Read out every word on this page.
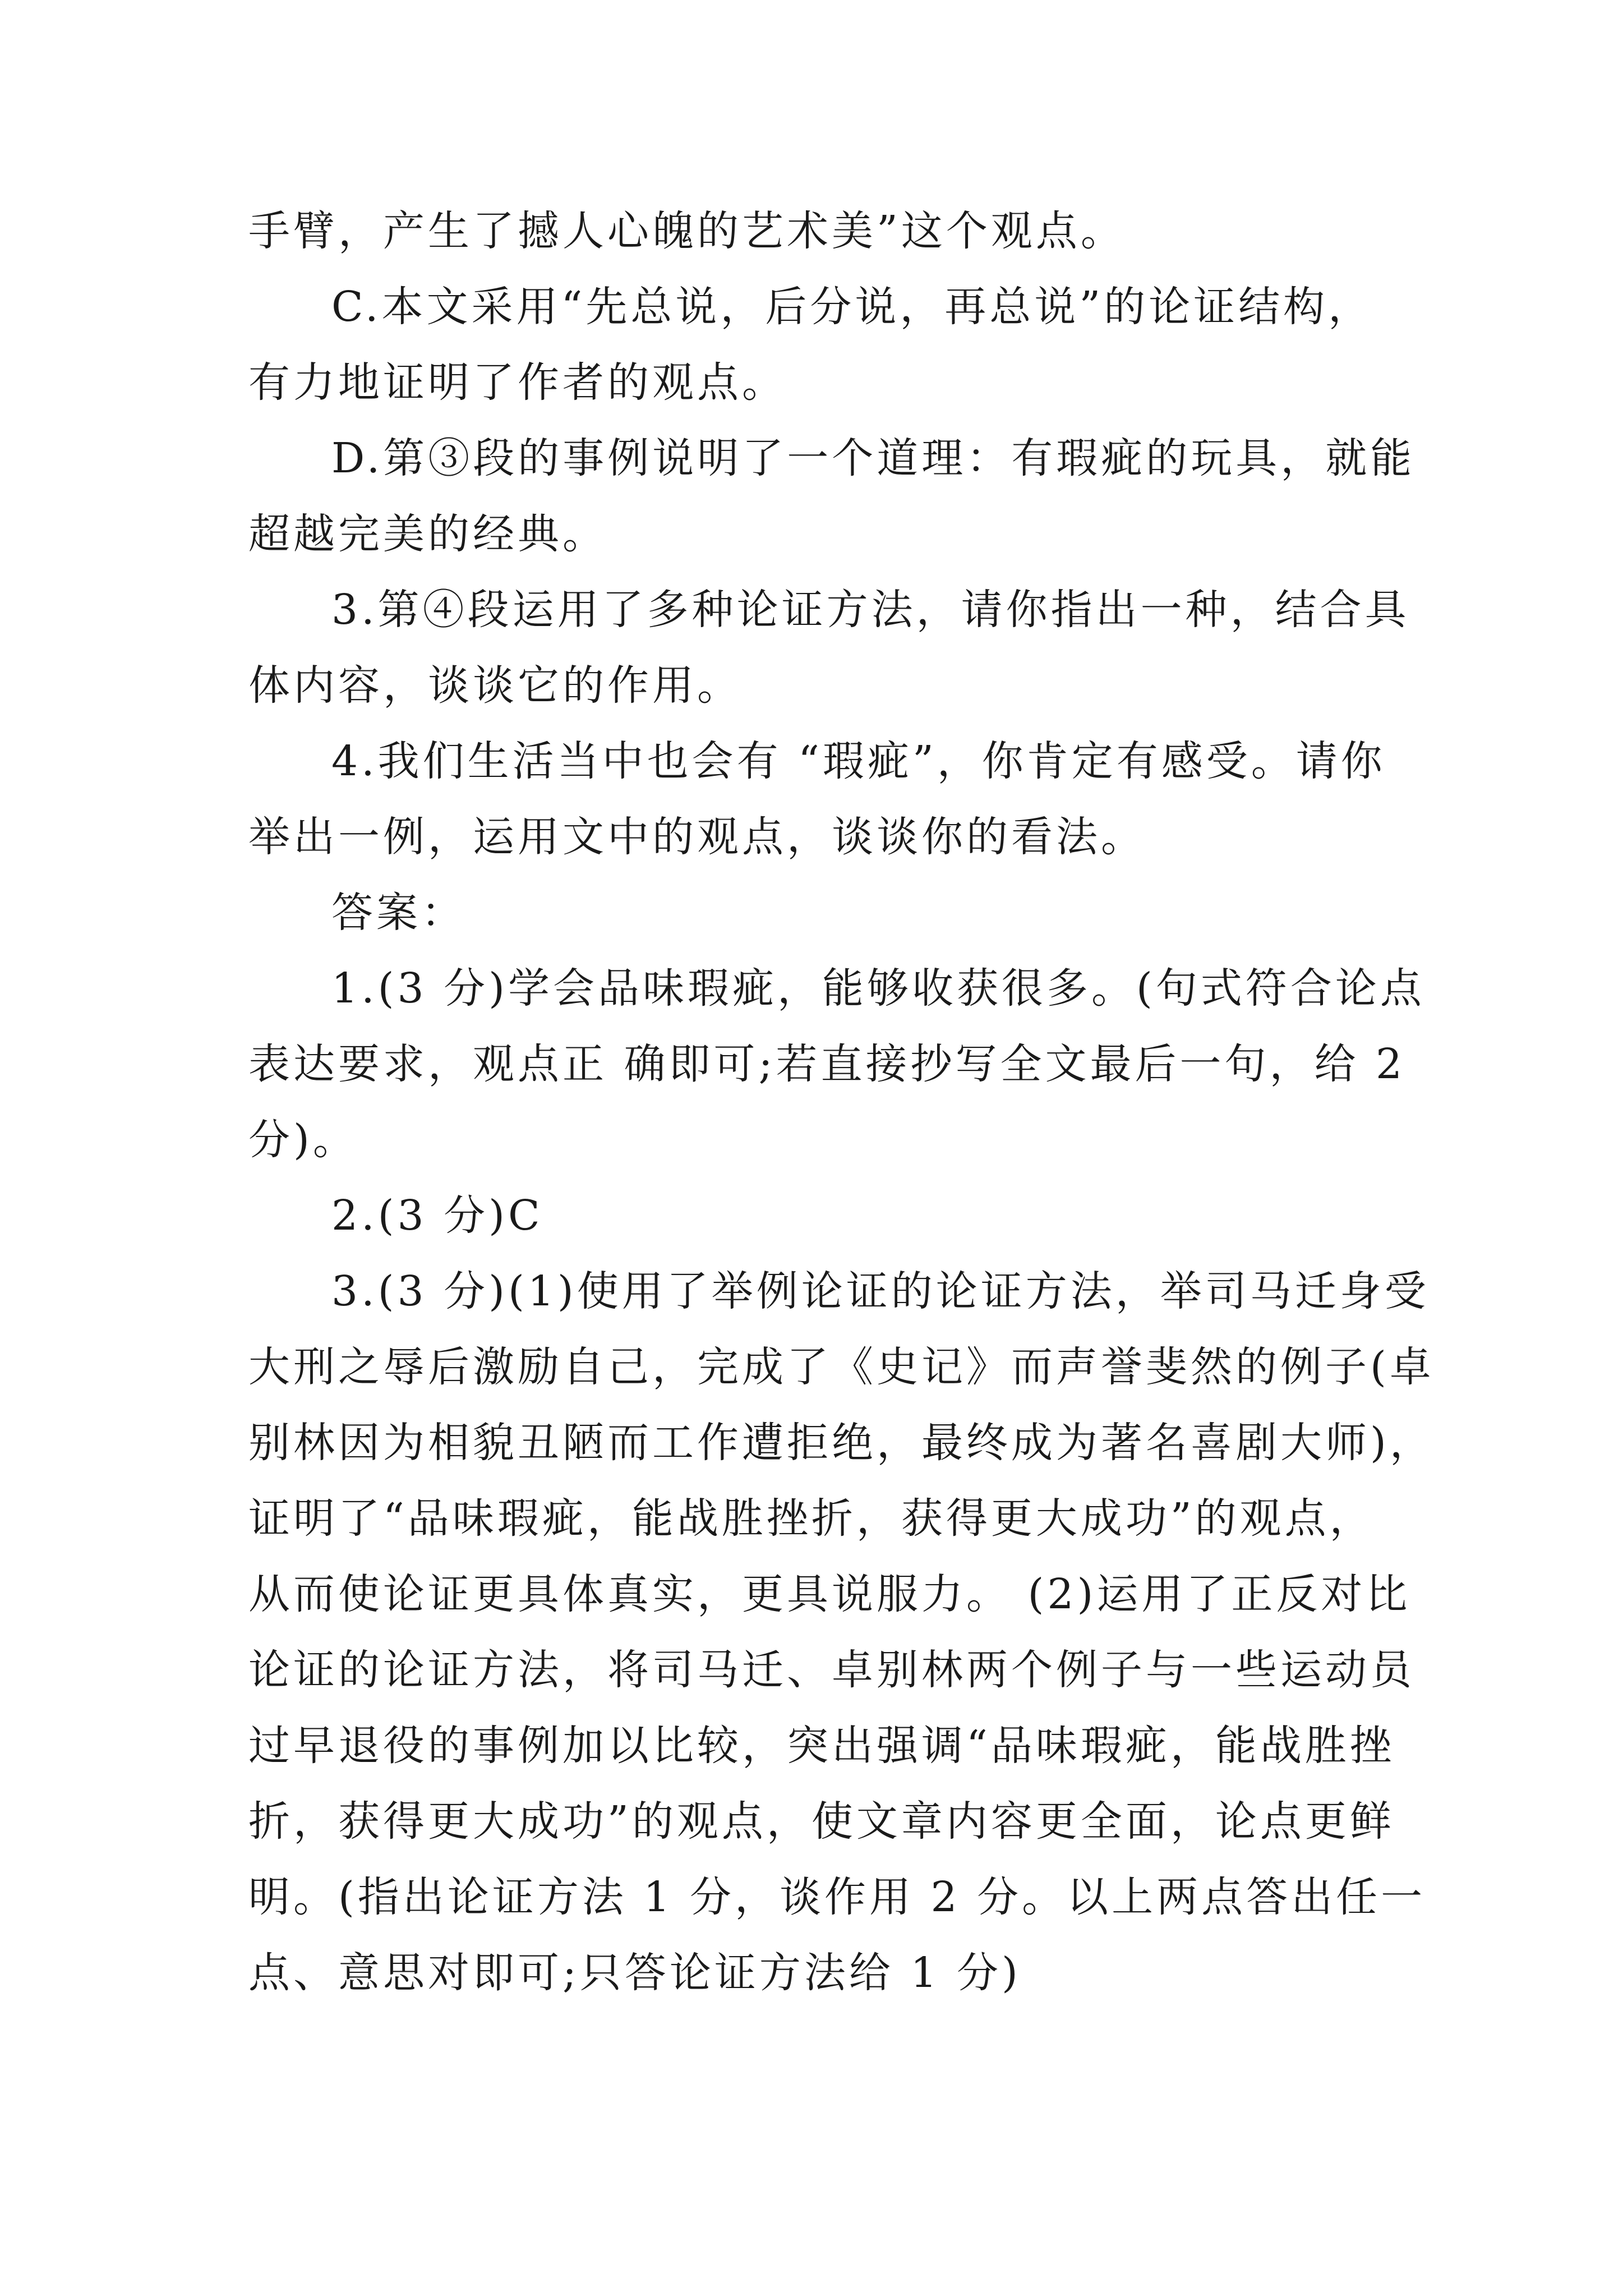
手臂，产生了撼人心魄的艺术美”这个观点。
C.本文采用“先总说，后分说，再总说”的论证结构，
有力地证明了作者的观点。
D.第③段的事例说明了一个道理：有瑕疵的玩具，就能
超越完美的经典。
3.第④段运用了多种论证方法，请你指出一种，结合具
体内容，谈谈它的作用。
4.我们生活当中也会有 “瑕疵”，你肯定有感受。请你
举出一例，运用文中的观点，谈谈你的看法。
答案：
1.(3 分)学会品味瑕疵，能够收获很多。(句式符合论点
表达要求，观点正 确即可;若直接抄写全文最后一句，给 2
分)。
2.(3 分)C
3.(3 分)(1)使用了举例论证的论证方法，举司马迁身受
大刑之辱后激励自己，完成了《史记》而声誉斐然的例子(卓
别林因为相貌丑陋而工作遭拒绝，最终成为著名喜剧大师)，
证明了“品味瑕疵，能战胜挫折，获得更大成功”的观点，
从而使论证更具体真实，更具说服力。 (2)运用了正反对比
论证的论证方法，将司马迁、卓别林两个例子与一些运动员
过早退役的事例加以比较，突出强调“品味瑕疵，能战胜挫
折，获得更大成功”的观点，使文章内容更全面，论点更鲜
明。(指出论证方法 1 分，谈作用 2 分。以上两点答出任一
点、意思对即可;只答论证方法给 1 分)
